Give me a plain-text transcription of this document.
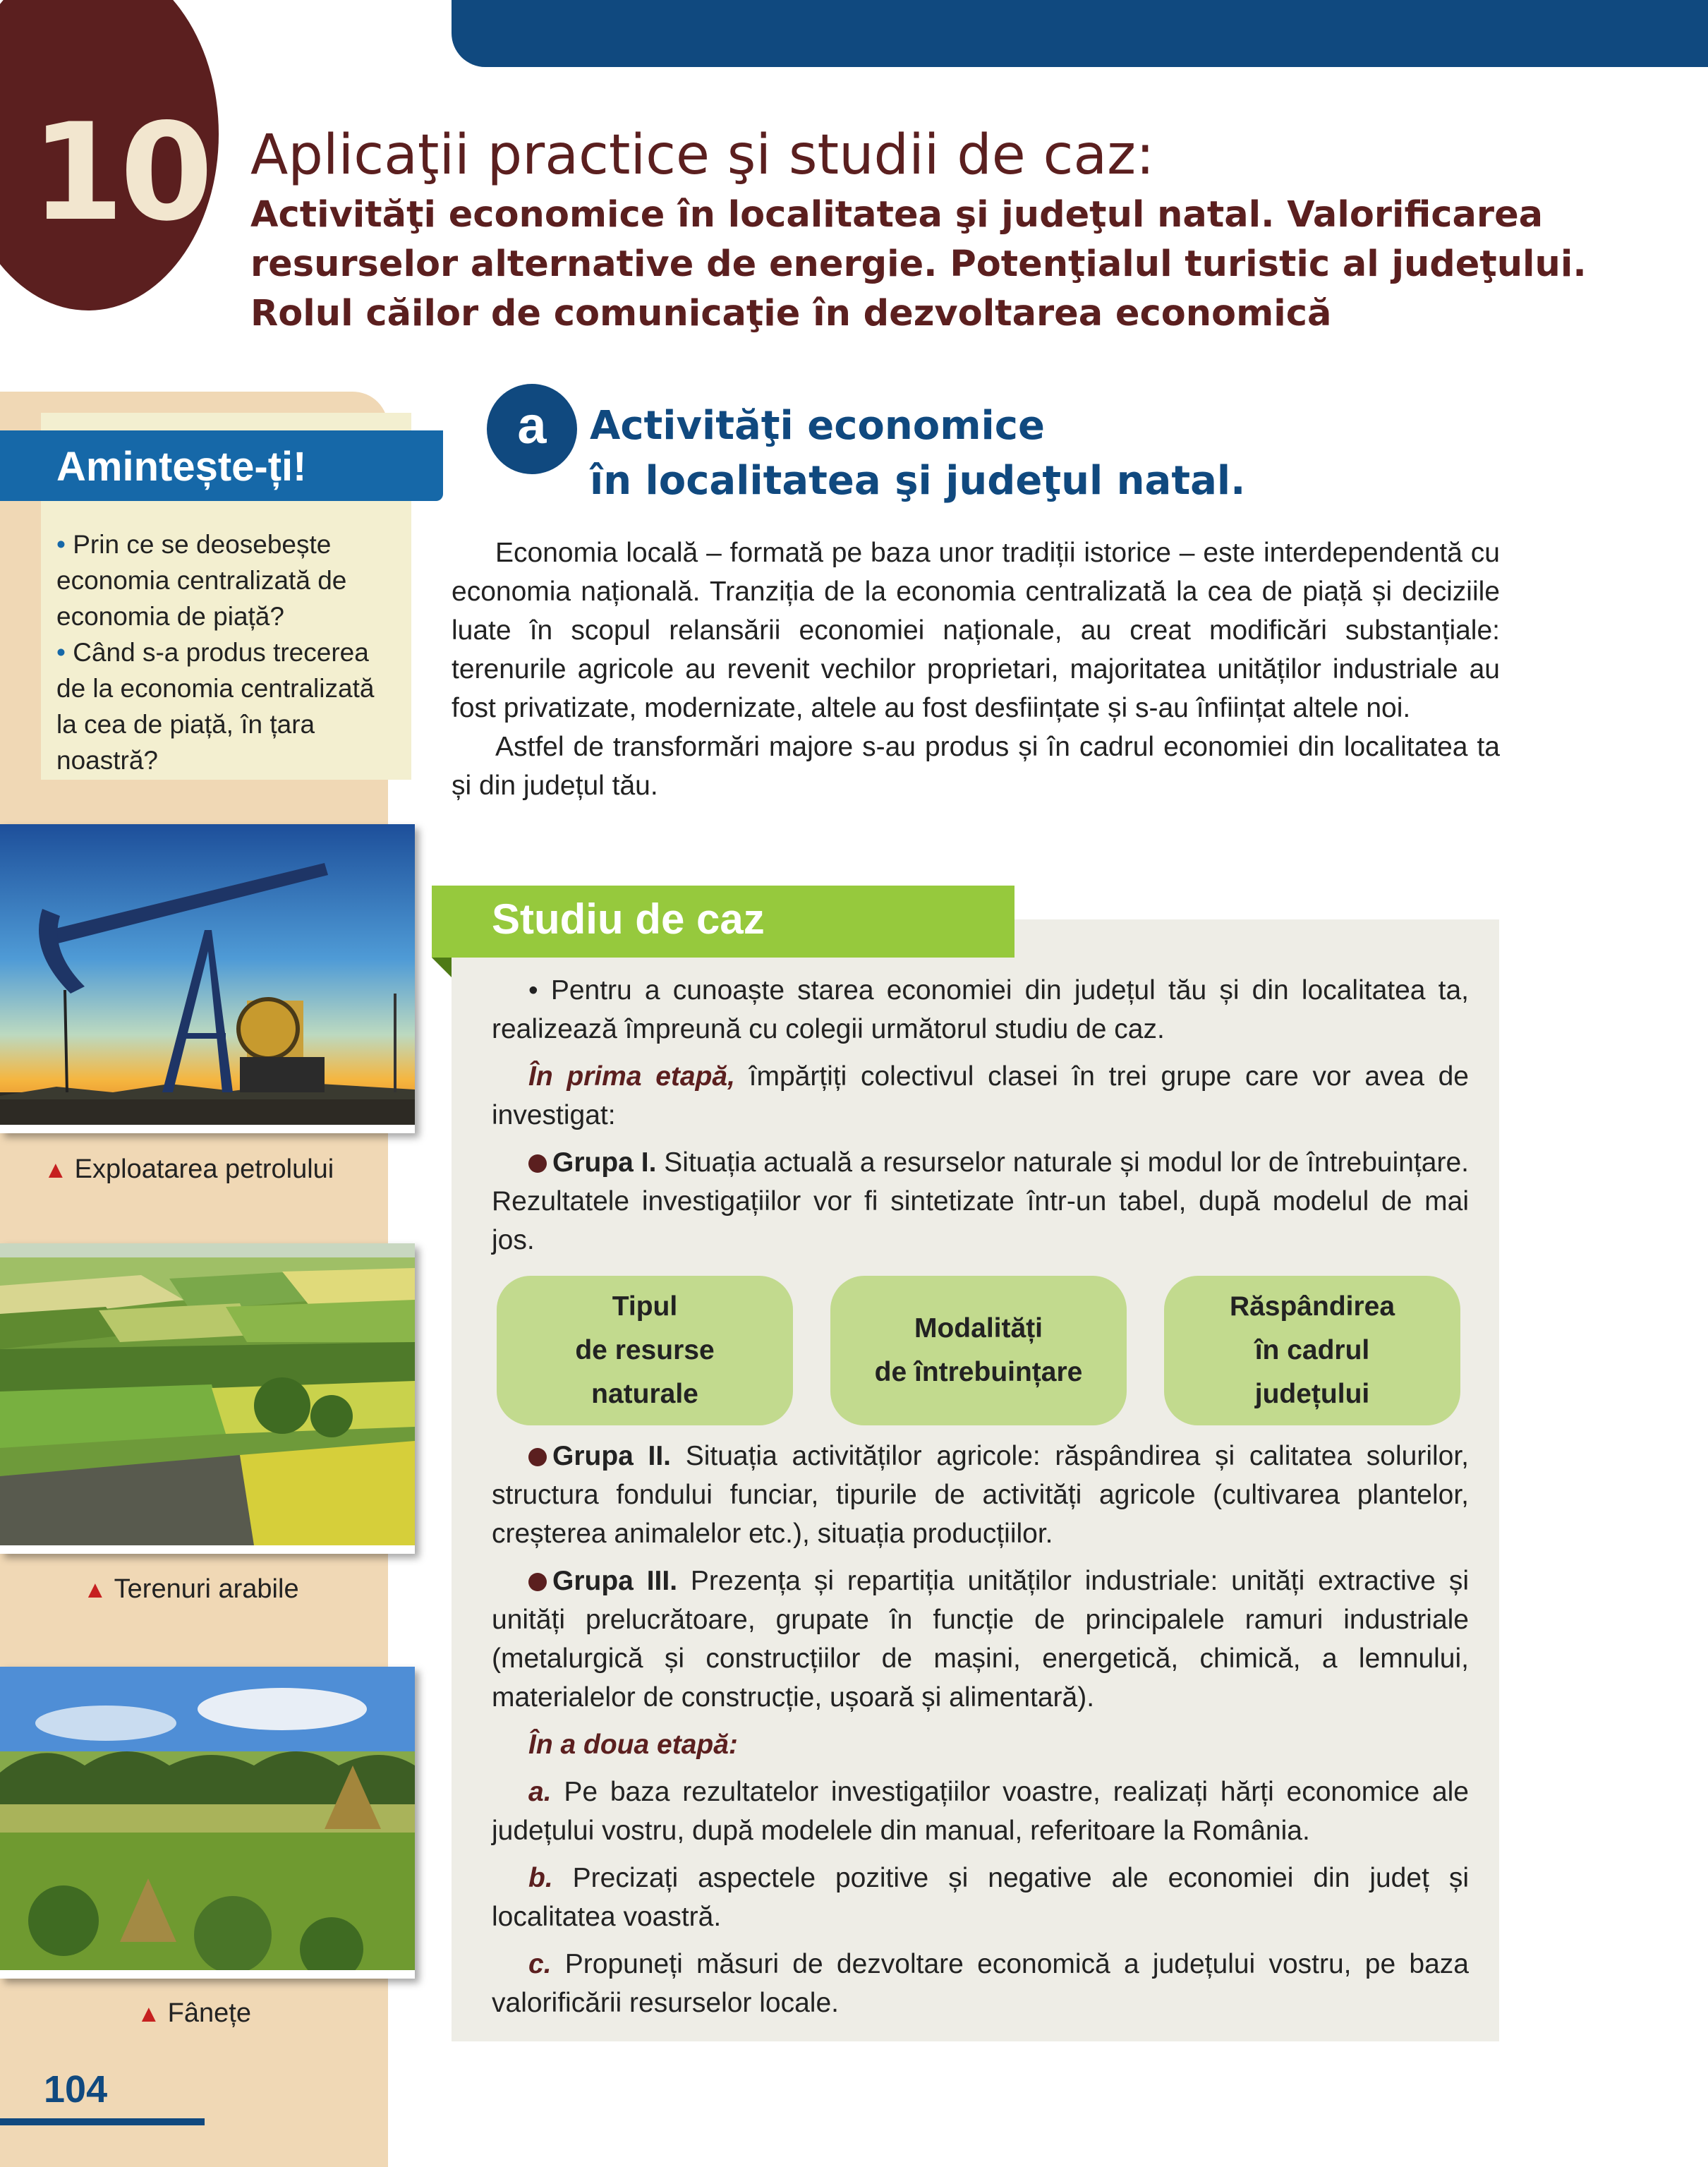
10 Aplicaţii practice şi studii de caz:
Activităţi economice în localitatea şi judeţul natal. Valorificarea
resurselor alternative de energie. Potenţialul turistic al judeţului.
Rolul căilor de comunicaţie în dezvoltarea economică
Amintește-ți!
• Prin ce se deosebește economia centralizată de economia de piață?
• Când s-a produs trecerea de la economia centralizată la cea de piață, în țara noastră?
▲ Exploatarea petrolului
▲ Terenuri arabile
▲ Fânețe
104
a	Activităţi economice
în localitatea şi judeţul natal.

Economia locală – formată pe baza unor tradiții istorice – este interdependentă cu economia națională. Tranziția de la economia centralizată la cea de piață și deciziile luate în scopul relansării economiei naționale, au creat modificări substanțiale: terenurile agricole au revenit vechilor proprietari, majoritatea unităților industriale au fost privatizate, modernizate, altele au fost desființate și s-au înființat altele noi.

Astfel de transformări majore s-au produs și în cadrul economiei din localitatea ta și din județul tău.

Studiu de caz

• Pentru a cunoaște starea economiei din județul tău și din localitatea ta, realizează împreună cu colegii următorul studiu de caz.

În prima etapă, împărțiți colectivul clasei în trei grupe care vor avea de investigat:

Grupa I. Situația actuală a resurselor naturale și modul lor de întrebuințare. Rezultatele investigațiilor vor fi sintetizate într-un tabel, după modelul de mai jos.

Tipul
de resurse
naturale
Modalități
de întrebuințare
Răspândirea
în cadrul
județului

Grupa II. Situația activităților agricole: răspândirea și calitatea solurilor, structura fondului funciar, tipurile de activități agricole (cultivarea plantelor, creșterea animalelor etc.), situația producțiilor.

Grupa III. Prezența și repartiția unităților industriale: unități extractive și unități prelucrătoare, grupate în funcție de principalele ramuri industriale (metalurgică și construcțiilor de mașini, energetică, chimică, a lemnului, materialelor de construcție, ușoară și alimentară).

În a doua etapă:

a. Pe baza rezultatelor investigațiilor voastre, realizați hărți economice ale județului vostru, după modelele din manual, referitoare la România.

b. Precizați aspectele pozitive și negative ale economiei din județ și localitatea voastră.

c. Propuneți măsuri de dezvoltare economică a județului vostru, pe baza valorificării resurselor locale.
